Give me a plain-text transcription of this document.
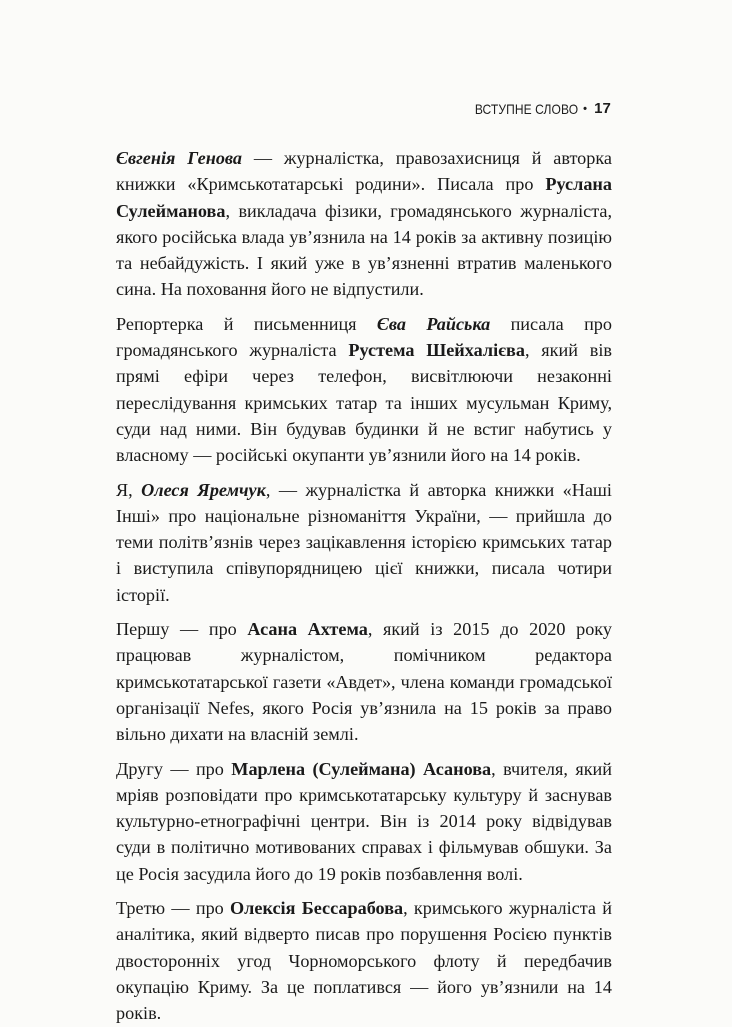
ВСТУПНЕ СЛОВО • 17

Євгенія Генова — журналістка, правозахисниця й авторка книжки «Кримськотатарські родини». Писала про Руслана Сулейманова, викладача фізики, громадянського журналіста, якого російська влада ув’язнила на 14 років за активну позицію та небайдужість. І який уже в ув’язненні втратив маленького сина. На поховання його не відпустили.

Репортерка й письменниця Єва Райська писала про громадянського журналіста Рустема Шейхалієва, який вів прямі ефіри через телефон, висвітлюючи незаконні переслідування кримських татар та інших мусульман Криму, суди над ними. Він будував будинки й не встиг набутись у власному — російські окупанти ув’язнили його на 14 років.

Я, Олеся Яремчук, — журналістка й авторка книжки «Наші Інші» про національне різноманіття України, — прийшла до теми політв’язнів через зацікавлення історією кримських татар і виступила співупорядницею цієї книжки, писала чотири історії.

Першу — про Асана Ахтема, який із 2015 до 2020 року працював журналістом, помічником редактора кримськотатарської газети «Авдет», члена команди громадської організації Nefes, якого Росія ув’язнила на 15 років за право вільно дихати на власній землі.

Другу — про Марлена (Сулеймана) Асанова, вчителя, який мріяв розповідати про кримськотатарську культуру й заснував культурно-етнографічні центри. Він із 2014 року відвідував суди в політично мотивованих справах і фільмував обшуки. За це Росія засудила його до 19 років позбавлення волі.

Третю — про Олексія Бессарабова, кримського журналіста й аналітика, який відверто писав про порушення Росією пунктів двосторонніх угод Чорноморського флоту й передбачив окупацію Криму. За це поплатився — його ув’язнили на 14 років.
